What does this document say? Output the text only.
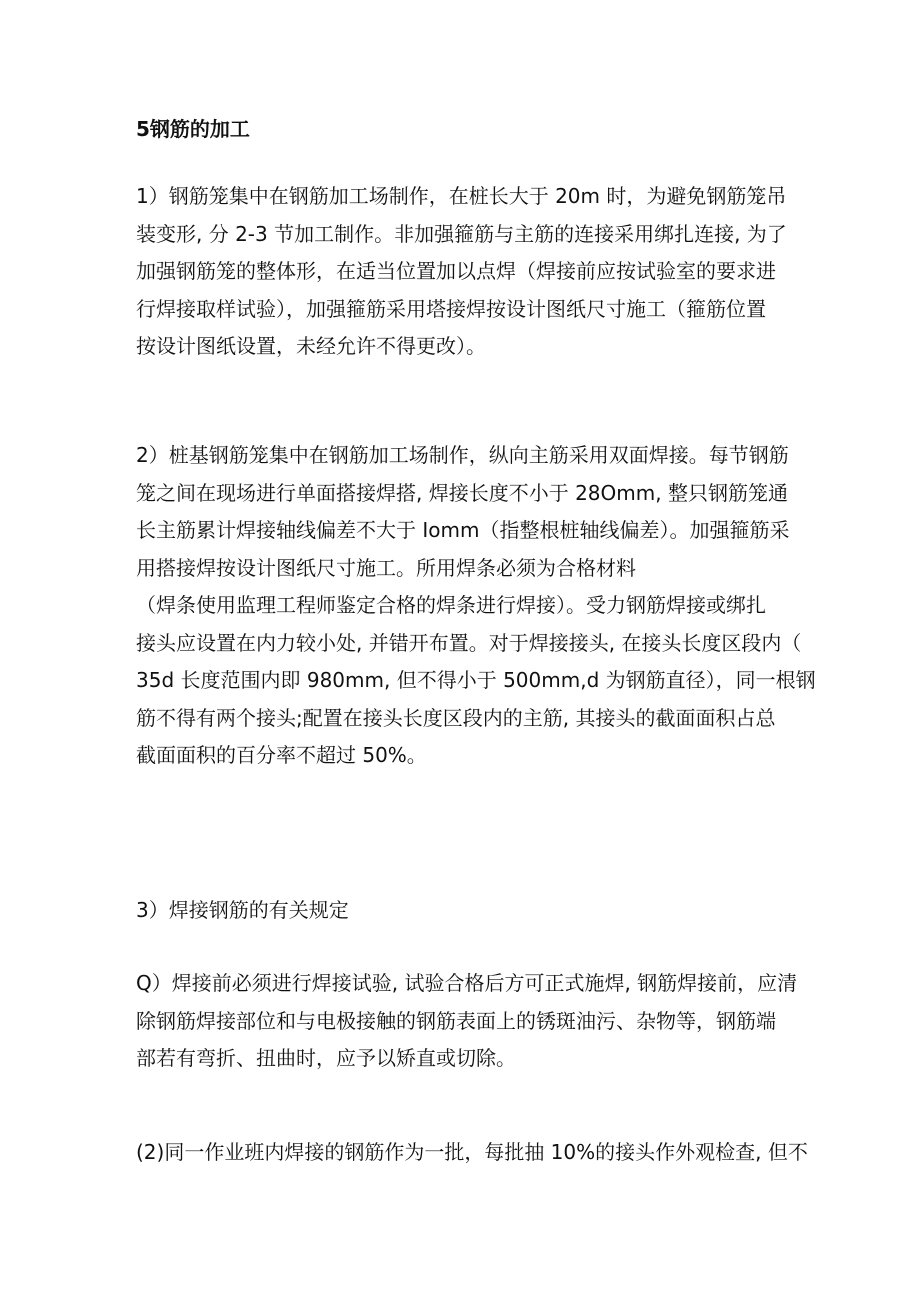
5钢筋的加工
1）钢筋笼集中在钢筋加工场制作，在桩长大于 20m 时，为避免钢筋笼吊
装变形, 分 2-3 节加工制作。非加强箍筋与主筋的连接采用绑扎连接, 为了
加强钢筋笼的整体形，在适当位置加以点焊（焊接前应按试验室的要求进
行焊接取样试验），加强箍筋采用塔接焊按设计图纸尺寸施工（箍筋位置
按设计图纸设置，未经允许不得更改）。
2）桩基钢筋笼集中在钢筋加工场制作，纵向主筋采用双面焊接。每节钢筋
笼之间在现场进行单面搭接焊搭, 焊接长度不小于 28Omm, 整只钢筋笼通
长主筋累计焊接轴线偏差不大于 Iomm（指整根桩轴线偏差）。加强箍筋采
用搭接焊按设计图纸尺寸施工。所用焊条必须为合格材料
（焊条使用监理工程师鉴定合格的焊条进行焊接）。受力钢筋焊接或绑扎
接头应设置在内力较小处, 并错开布置。对于焊接接头, 在接头长度区段内（
35d 长度范围内即 980mm, 但不得小于 500mm,d 为钢筋直径），同一根钢
筋不得有两个接头;配置在接头长度区段内的主筋, 其接头的截面面积占总
截面面积的百分率不超过 50%。
3）焊接钢筋的有关规定
Q）焊接前必须进行焊接试验, 试验合格后方可正式施焊, 钢筋焊接前，应清
除钢筋焊接部位和与电极接触的钢筋表面上的锈斑油污、杂物等，钢筋端
部若有弯折、扭曲时，应予以矫直或切除。
(2)同一作业班内焊接的钢筋作为一批，每批抽 10%的接头作外观检查, 但不
